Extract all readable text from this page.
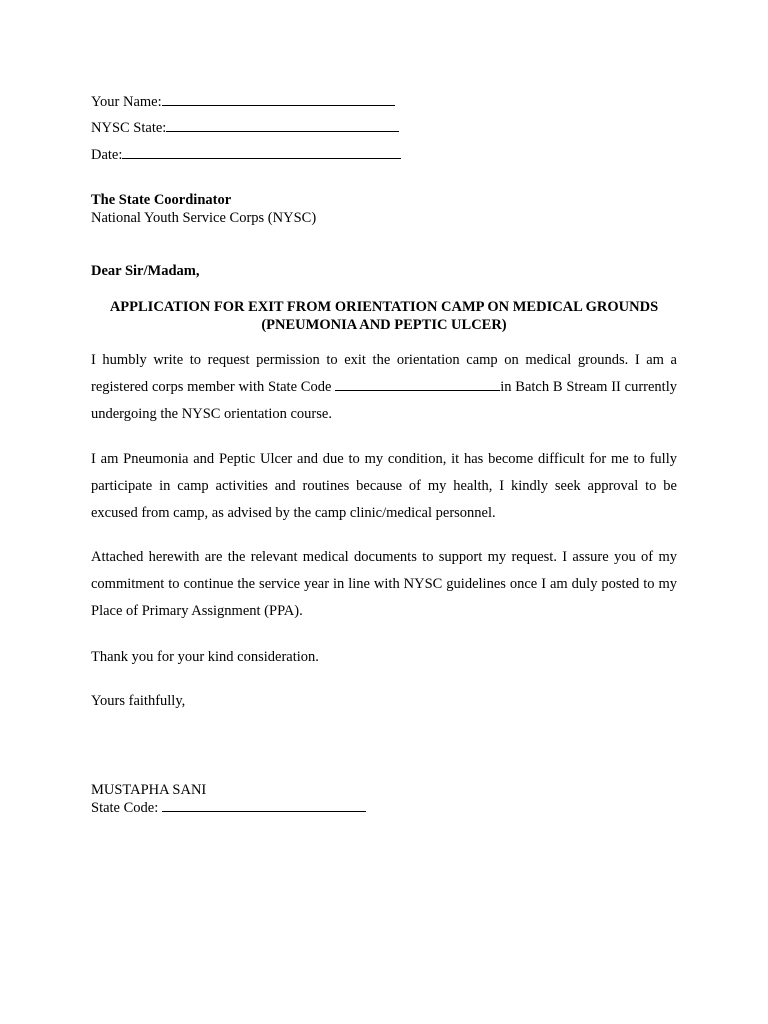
Your Name:
NYSC State:
Date:
The State Coordinator
National Youth Service Corps (NYSC)
Dear Sir/Madam,
APPLICATION FOR EXIT FROM ORIENTATION CAMP ON MEDICAL GROUNDS
(PNEUMONIA AND PEPTIC ULCER)
I humbly write to request permission to exit the orientation camp on medical grounds. I am a registered corps member with State Code	in Batch B Stream II currently undergoing the NYSC orientation course.
I am Pneumonia and Peptic Ulcer and due to my condition, it has become difficult for me to fully participate in camp activities and routines because of my health, I kindly seek approval to be excused from camp, as advised by the camp clinic/medical personnel.
Attached herewith are the relevant medical documents to support my request. I assure you of my commitment to continue the service year in line with NYSC guidelines once I am duly posted to my Place of Primary Assignment (PPA).
Thank you for your kind consideration.
Yours faithfully,
MUSTAPHA SANI
State Code:
